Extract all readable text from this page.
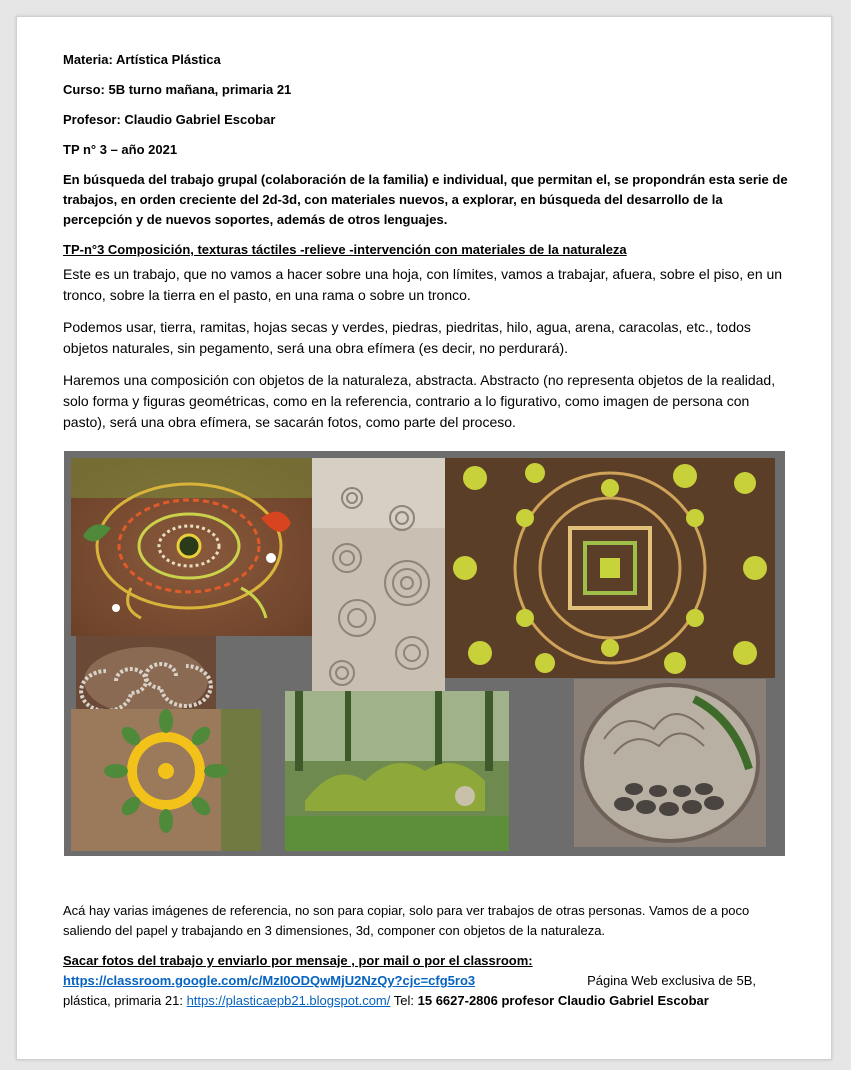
Materia: Artística Plástica

Curso: 5B turno mañana, primaria 21

Profesor: Claudio Gabriel Escobar

TP n° 3 – año 2021

En búsqueda del trabajo grupal (colaboración de la familia) e individual, que permitan el, se propondrán esta serie de trabajos, en orden creciente del 2d-3d, con materiales nuevos, a explorar, en búsqueda del desarrollo de la percepción y de nuevos soportes, además de otros lenguajes.

TP-n°3 Composición, texturas táctiles -relieve -intervención con materiales de la naturaleza

Este es un trabajo, que no vamos a hacer sobre una hoja, con límites, vamos a trabajar, afuera, sobre el piso, en un tronco, sobre la tierra en el pasto, en una rama o sobre un tronco.

Podemos usar, tierra, ramitas, hojas secas y verdes, piedras, piedritas, hilo, agua, arena, caracolas, etc., todos objetos naturales, sin pegamento, será una obra efímera (es decir, no perdurará).

Haremos una composición con objetos de la naturaleza, abstracta. Abstracto (no representa objetos de la realidad, solo forma y figuras geométricas, como en la referencia, contrario a lo figurativo, como imagen de persona con pasto), será una obra efímera, se sacarán fotos, como parte del proceso.

Acá hay varias imágenes de referencia, no son para copiar, solo para ver trabajos de otras personas. Vamos de a poco saliendo del papel y trabajando en 3 dimensiones, 3d, componer con objetos de la naturaleza.

Sacar fotos del trabajo y enviarlo por mensaje , por mail o por el classroom:
https://classroom.google.com/c/MzI0ODQwMjU2NzQy?cjc=cfg5ro3	Página Web exclusiva de 5B, plástica, primaria 21: https://plasticaepb21.blogspot.com/ Tel: 15 6627-2806 profesor Claudio Gabriel Escobar
